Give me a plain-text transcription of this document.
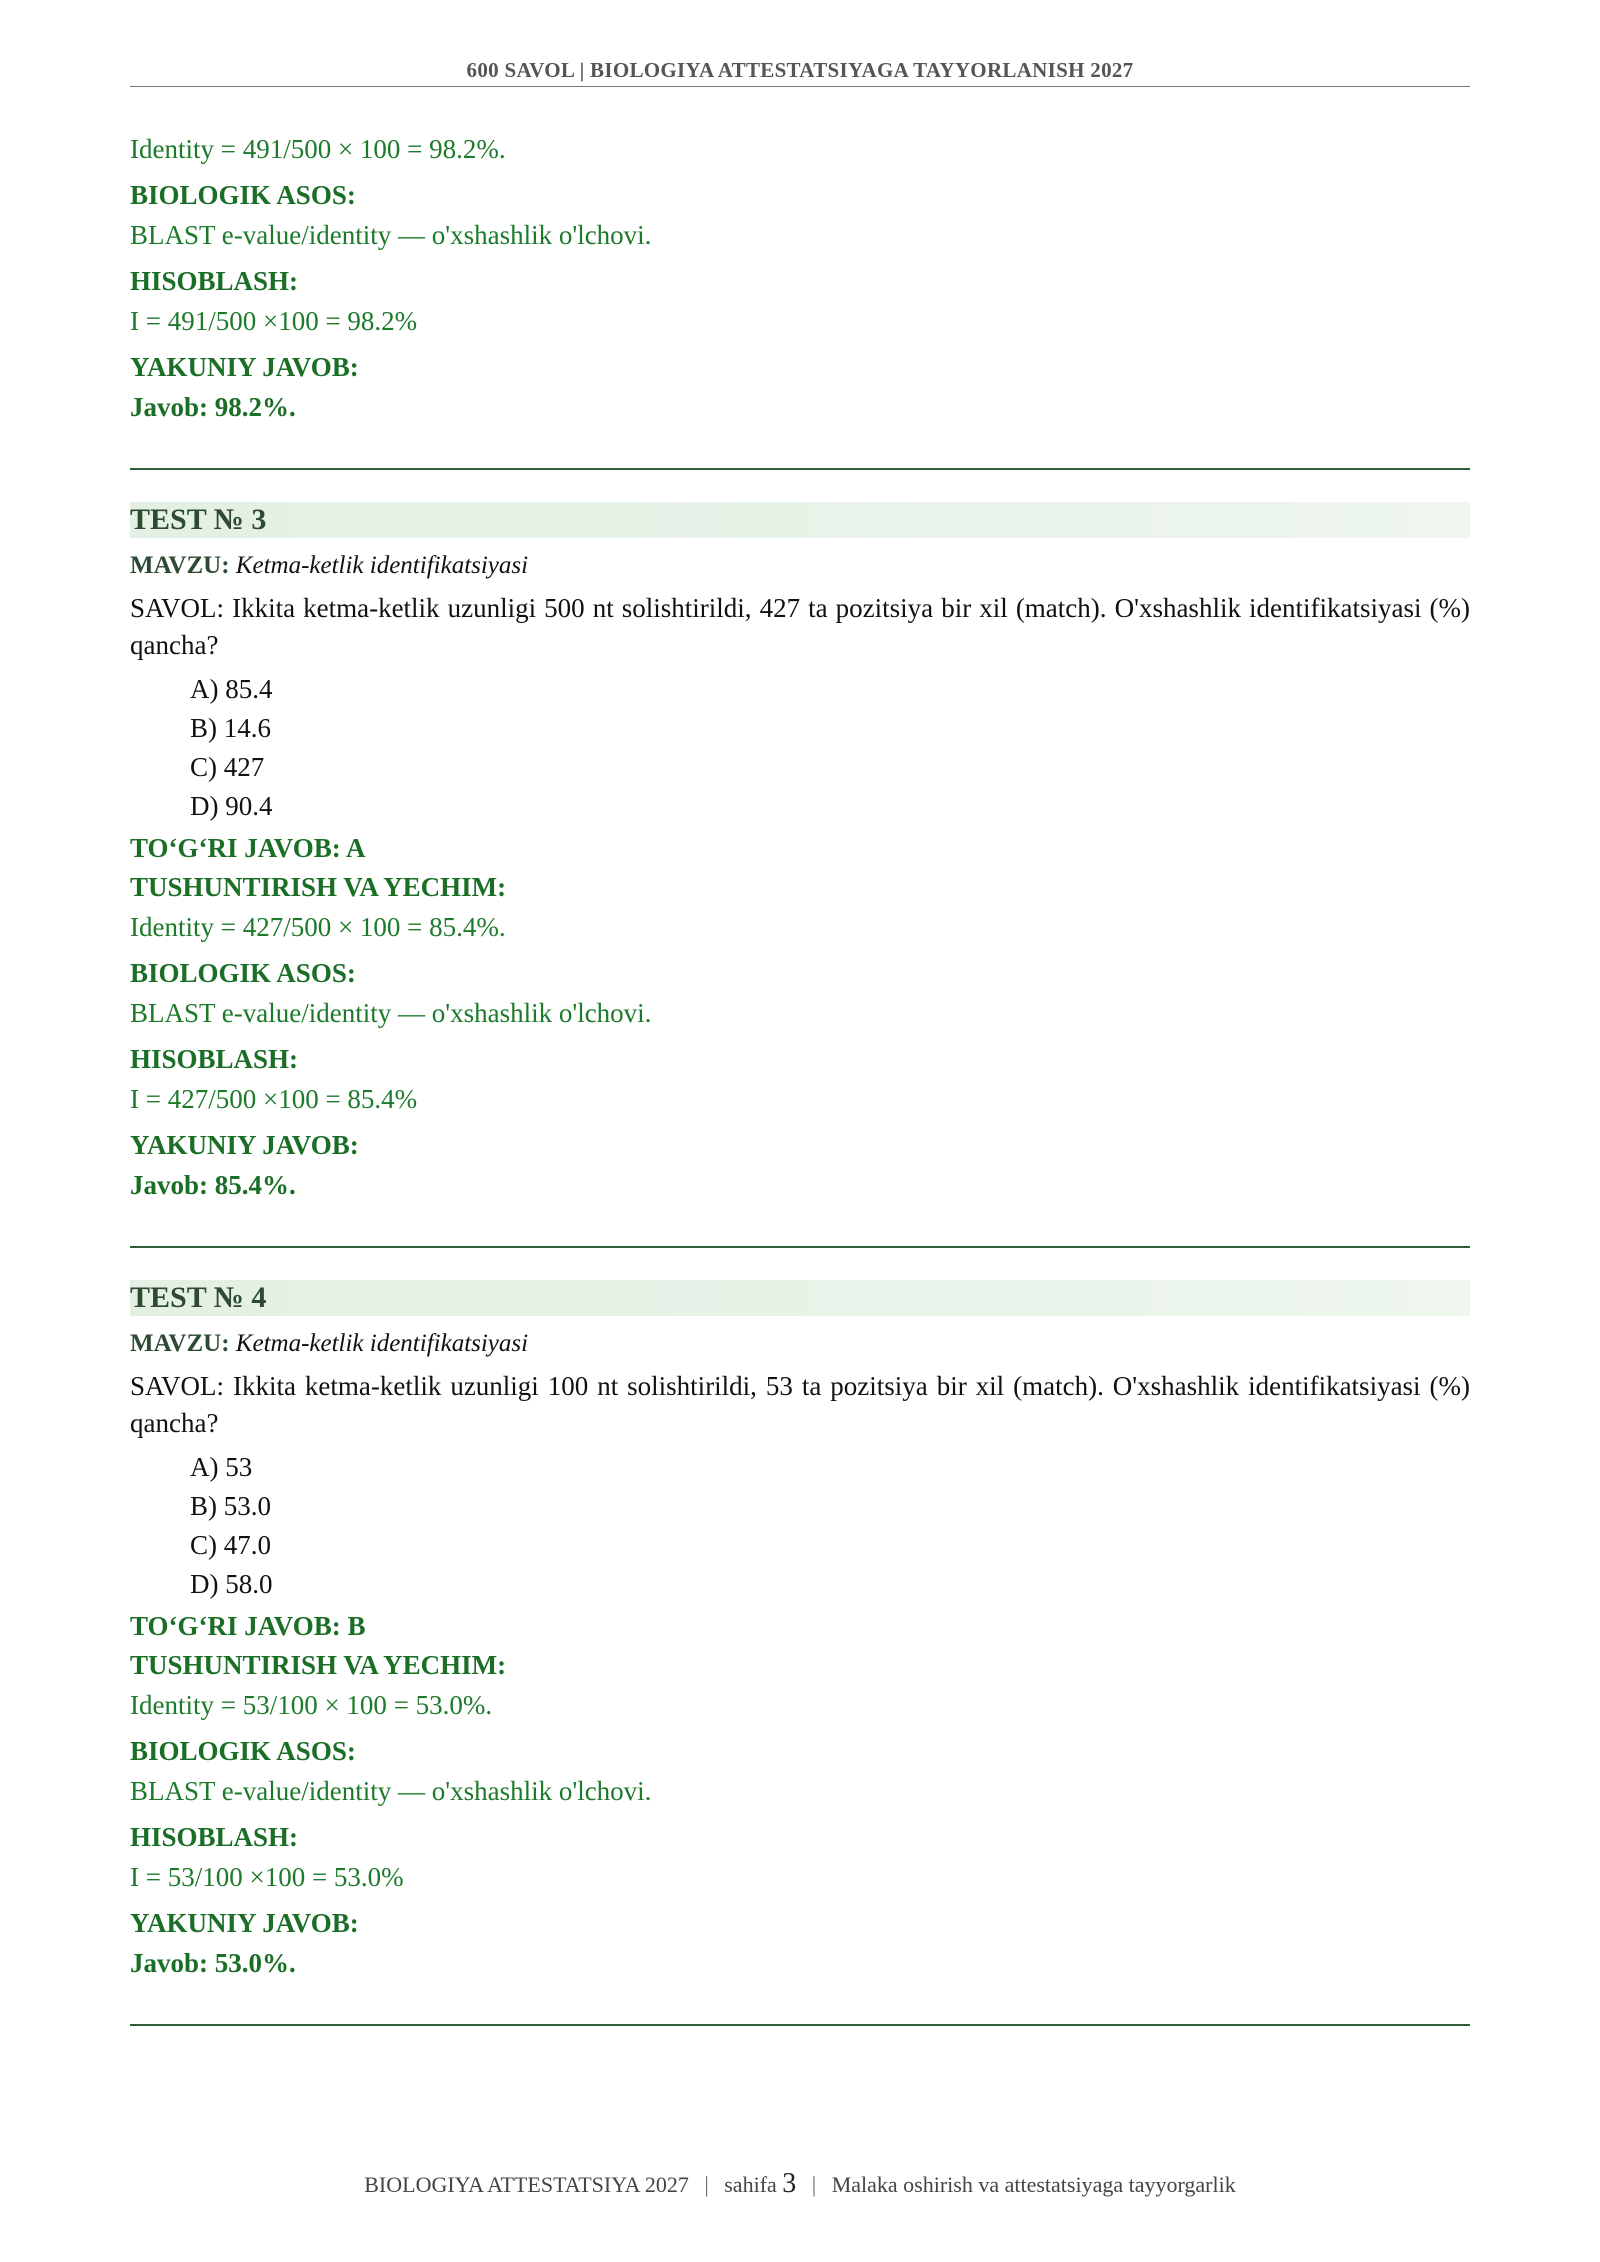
600 SAVOL | BIOLOGIYA ATTESTATSIYAGA TAYYORLANISH 2027

Identity = 491/500 × 100 = 98.2%.

BIOLOGIK ASOS:

BLAST e-value/identity — o'xshashlik o'lchovi.

HISOBLASH:

I = 491/500 ×100 = 98.2%

YAKUNIY JAVOB:

Javob: 98.2%.

TEST № 3

MAVZU: Ketma-ketlik identifikatsiyasi

SAVOL: Ikkita ketma-ketlik uzunligi 500 nt solishtirildi, 427 ta pozitsiya bir xil (match). O'xshashlik identifikatsiyasi (%) qancha?

A) 85.4
B) 14.6
C) 427
D) 90.4

TO‘G‘RI JAVOB: A

TUSHUNTIRISH VA YECHIM:

Identity = 427/500 × 100 = 85.4%.

BIOLOGIK ASOS:

BLAST e-value/identity — o'xshashlik o'lchovi.

HISOBLASH:

I = 427/500 ×100 = 85.4%

YAKUNIY JAVOB:

Javob: 85.4%.

TEST № 4

MAVZU: Ketma-ketlik identifikatsiyasi

SAVOL: Ikkita ketma-ketlik uzunligi 100 nt solishtirildi, 53 ta pozitsiya bir xil (match). O'xshashlik identifikatsiyasi (%) qancha?

A) 53
B) 53.0
C) 47.0
D) 58.0

TO‘G‘RI JAVOB: B

TUSHUNTIRISH VA YECHIM:

Identity = 53/100 × 100 = 53.0%.

BIOLOGIK ASOS:

BLAST e-value/identity — o'xshashlik o'lchovi.

HISOBLASH:

I = 53/100 ×100 = 53.0%

YAKUNIY JAVOB:

Javob: 53.0%.

BIOLOGIYA ATTESTATSIYA 2027 | sahifa 3 | Malaka oshirish va attestatsiyaga tayyorgarlik
